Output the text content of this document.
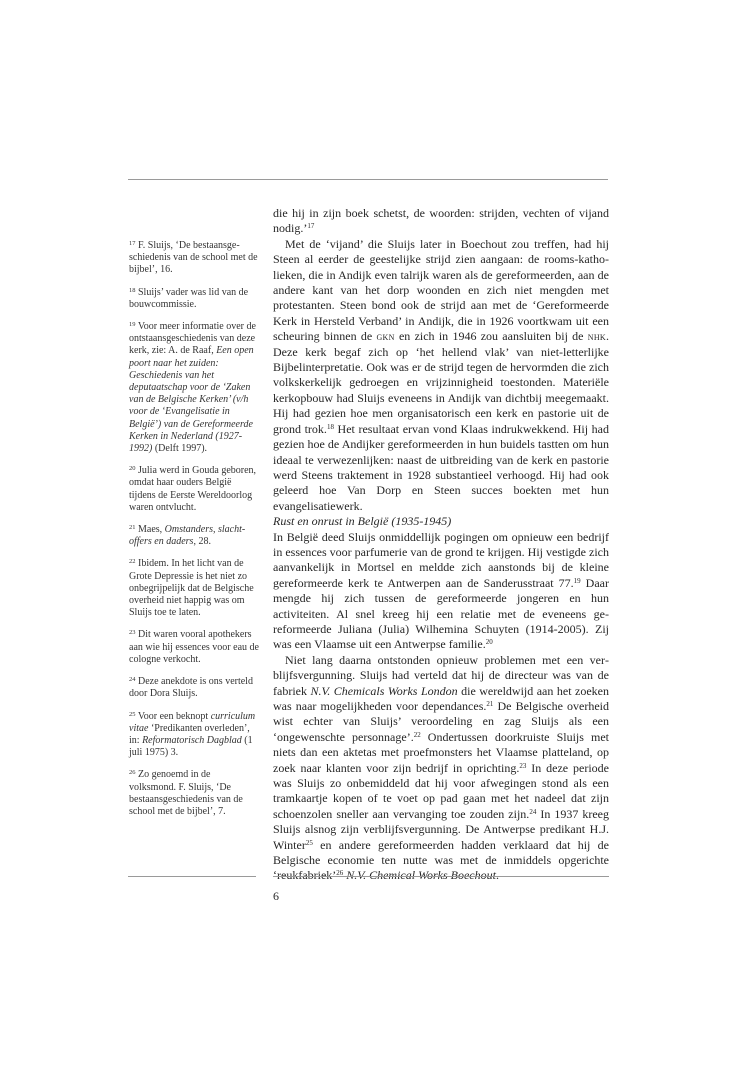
$^{17}$ F. Sluijs, ‘De bestaansgeschiedenis van de school met de bijbel’, 16.

$^{18}$ Sluijs’ vader was lid van de bouwcommissie.

$^{19}$ Voor meer informatie over de ontstaansgeschiedenis van deze kerk, zie: A. de Raaf, Een open poort naar het zuiden: Geschiedenis van het deputaatschap voor de ‘Zaken van de Belgische Kerken’ (v/h voor de ‘Evangelisatie in België’) van de Gereformeerde Kerken in Nederland (1927-1992) (Delft 1997).

$^{20}$ Julia werd in Gouda geboren, omdat haar ouders België tijdens de Eerste Wereldoorlog waren ontvlucht.

$^{21}$ Maes, Omstanders, slachtoffers en daders, 28.

$^{22}$ Ibidem. In het licht van de Grote Depressie is het niet zo onbegrijpelijk dat de Belgische overheid niet happig was om Sluijs toe te laten.

$^{23}$ Dit waren vooral apothekers aan wie hij essences voor eau de cologne verkocht.

$^{24}$ Deze anekdote is ons verteld door Dora Sluijs.

$^{25}$ Voor een beknopt curriculum vitae ‘Predikanten overleden’, in: Reformatorisch Dagblad (1 juli 1975) 3.

$^{26}$ Zo genoemd in de volksmond. F. Sluijs, ‘De bestaansgeschiedenis van de school met de bijbel’, 7.

die hij in zijn boek schetst, de woorden: strijden, vechten of vijand nodig.’$^{17}$

Met de ‘vijand’ die Sluijs later in Boechout zou treffen, had hij Steen al eerder de geestelijke strijd zien aangaan: de rooms-katholieken, die in Andijk even talrijk waren als de gereformeerden, aan de andere kant van het dorp woonden en zich niet mengden met protestanten. Steen bond ook de strijd aan met de ‘Gereformeerde Kerk in Hersteld Verband’ in Andijk, die in 1926 voortkwam uit een scheuring binnen de gkn en zich in 1946 zou aansluiten bij de nhk. Deze kerk begaf zich op ‘het hellend vlak’ van niet-letterlijke Bijbelinterpretatie. Ook was er de strijd tegen de hervormden die zich volkskerkelijk gedroegen en vrijzinnigheid toestonden. Materiële kerkopbouw had Sluijs eveneens in Andijk van dichtbij meegemaakt. Hij had gezien hoe men organisatorisch een kerk en pastorie uit de grond trok.$^{18}$ Het resultaat ervan vond Klaas indrukwekkend. Hij had gezien hoe de Andijker gereformeerden in hun buidels tastten om hun ideaal te verwezenlijken: naast de uitbreiding van de kerk en pastorie werd Steens traktement in 1928 substantieel verhoogd. Hij had ook geleerd hoe Van Dorp en Steen succes boekten met hun evangelisatiewerk.

Rust en onrust in België (1935-1945)

In België deed Sluijs onmiddellijk pogingen om opnieuw een bedrijf in essences voor parfumerie van de grond te krijgen. Hij vestigde zich aanvankelijk in Mortsel en meldde zich aanstonds bij de kleine gereformeerde kerk te Antwerpen aan de Sanderusstraat 77.19 Daar mengde hij zich tussen de gereformeerde jongeren en hun activiteiten. Al snel kreeg hij een relatie met de eveneens gereformeerde Juliana (Julia) Wilhemina Schuyten (1914-2005). Zij was een Vlaamse uit een Antwerpse familie.$^{20}$

Niet lang daarna ontstonden opnieuw problemen met een verblijfsvergunning. Sluijs had verteld dat hij de directeur was van de fabriek N.V. Chemicals Works London die wereldwijd aan het zoeken was naar mogelijkheden voor dependances.$^{21}$ De Belgische overheid wist echter van Sluijs’ veroordeling en zag Sluijs als een ‘ongewenschte personnage’.$^{22}$ Ondertussen doorkruiste Sluijs met niets dan een aktetas met proefmonsters het Vlaamse platteland, op zoek naar klanten voor zijn bedrijf in oprichting.$^{23}$ In deze periode was Sluijs zo onbemiddeld dat hij voor afwegingen stond als een tramkaartje kopen of te voet op pad gaan met het nadeel dat zijn schoenzolen sneller aan vervanging toe zouden zijn.$^{24}$ In 1937 kreeg Sluijs alsnog zijn verblijfsvergunning. De Antwerpse predikant H.J. Winter$^{25}$ en andere gereformeerden hadden verklaard dat hij de Belgische economie ten nutte was met de inmiddels opgerichte ‘reukfabriek’$^{26}$ N.V. Chemical Works Boechout.

6
